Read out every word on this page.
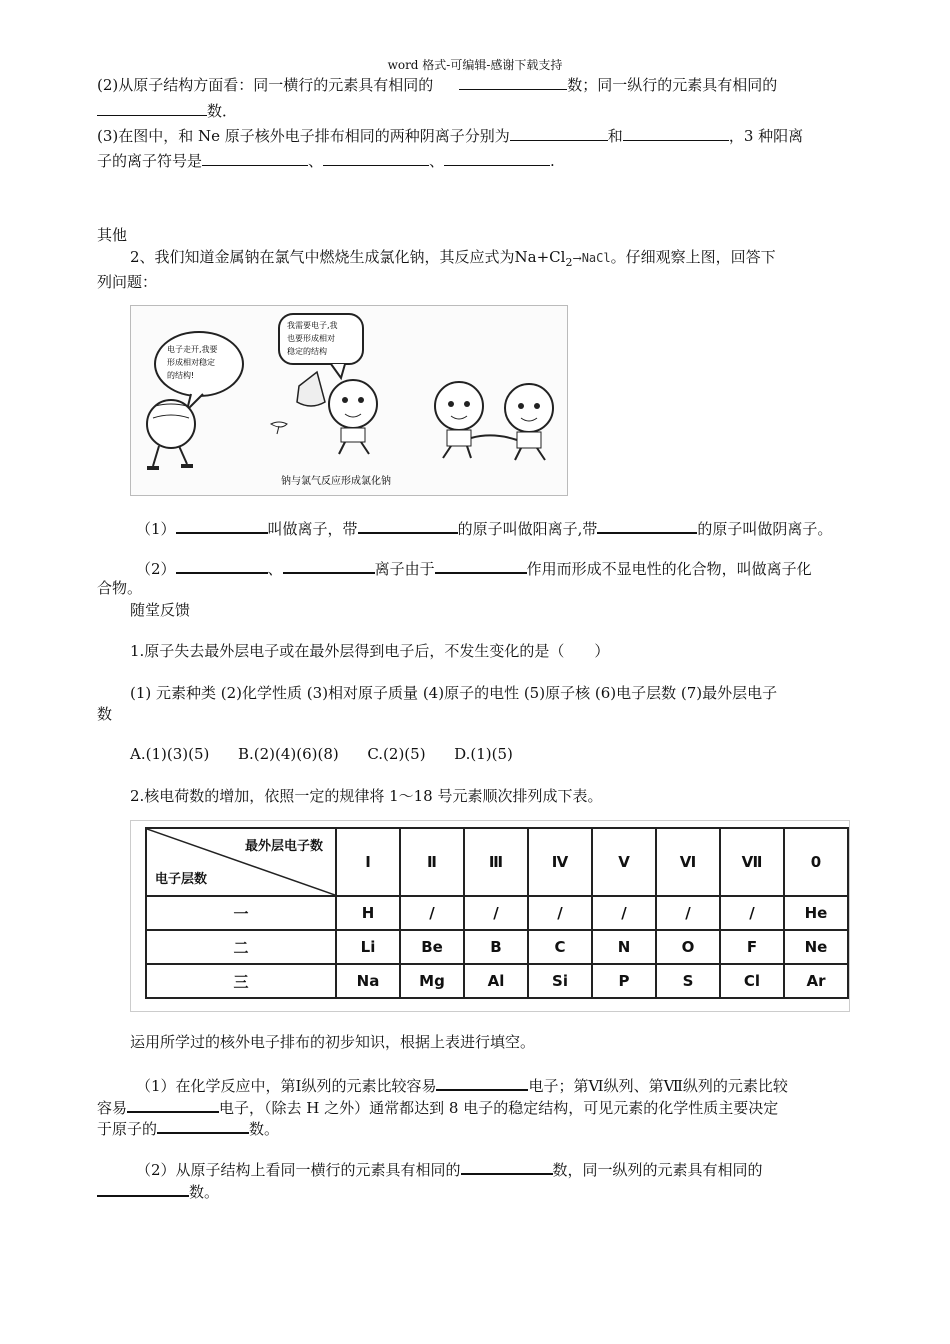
word 格式-可编辑-感谢下载支持
(2)从原子结构方面看：同一横行的元素具有相同的	数；同一纵行的元素具有相同的
数．
(3)在图中，和 Ne 原子核外电子排布相同的两种阴离子分别为	和	，3 种阳离
子的离子符号是	、	、	.
其他
2、我们知道金属钠在氯气中燃烧生成氯化钠，其反应式为$Na+Cl_2\to NaCl$。仔细观察上图，回答下
列问题：
电子走开,我要
形成相对稳定
的结构!
我需要电子,我
也要形成相对
稳定的结构
钠与氯气反应形成氯化钠
（1）	叫做离子，带	的原子叫做阳离子,带	的原子叫做阴离子。
（2）	、	离子由于	作用而形成不显电性的化合物，叫做离子化
合物。
随堂反馈
1.原子失去最外层电子或在最外层得到电子后，不发生变化的是（　　）
(1) 元素种类 (2)化学性质 (3)相对原子质量 (4)原子的电性 (5)原子核 (6)电子层数 (7)最外层电子
数
A.(1)(3)(5)      B.(2)(4)(6)(8)      C.(2)(5)      D.(1)(5)
2.核电荷数的增加，依照一定的规律将 1～18 号元素顺次排列成下表。
最外层电子数
电子层数	Ⅰ	Ⅱ	Ⅲ	Ⅳ	Ⅴ	Ⅵ	Ⅶ	0
一	H	/	/	/	/	/	/	He
二	Li	Be	B	C	N	O	F	Ne
三	Na	Mg	Al	Si	P	S	Cl	Ar
运用所学过的核外电子排布的初步知识，根据上表进行填空。
（1）在化学反应中，第Ⅰ纵列的元素比较容易	电子；第Ⅵ纵列、第Ⅶ纵列的元素比较
容易	电子，（除去 H 之外）通常都达到 8 电子的稳定结构，可见元素的化学性质主要决定
于原子的	数。
（2）从原子结构上看同一横行的元素具有相同的	数，同一纵列的元素具有相同的
数。
